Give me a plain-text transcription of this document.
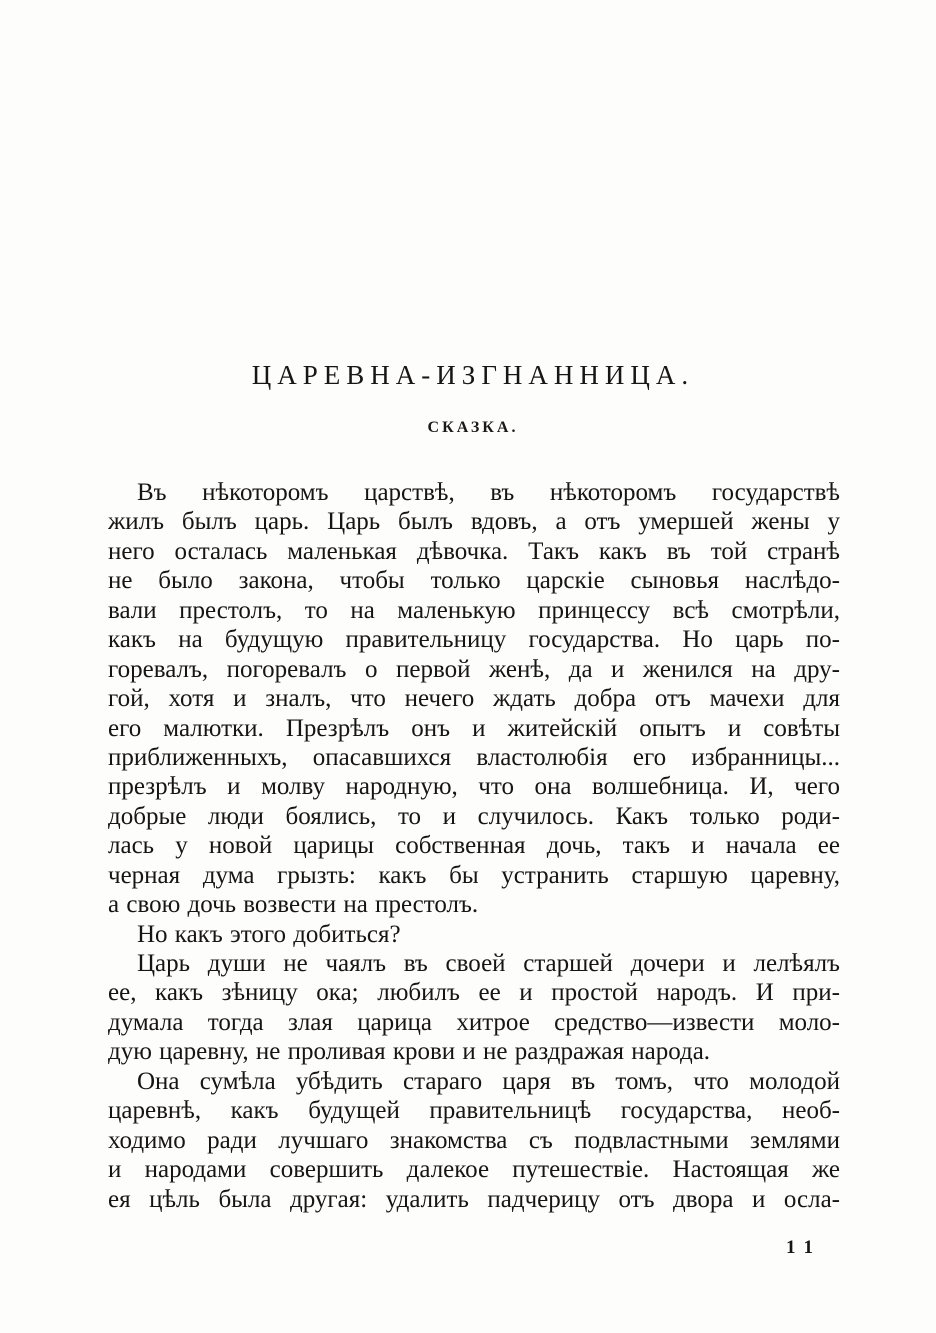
ЦАРЕВНА-ИЗГНАННИЦА.
СКАЗКА.
Въ нѣкоторомъ царствѣ, въ нѣкоторомъ государствѣ
жилъ былъ царь. Царь былъ вдовъ, а отъ умершей жены у
него осталась маленькая дѣвочка. Такъ какъ въ той странѣ
не было закона, чтобы только царскіе сыновья наслѣдо-
вали престолъ, то на маленькую принцессу всѣ смотрѣли,
какъ на будущую правительницу государства. Но царь по-
горевалъ, погоревалъ о первой женѣ, да и женился на дру-
гой, хотя и зналъ, что нечего ждать добра отъ мачехи для
его малютки. Презрѣлъ онъ и житейскій опытъ и совѣты
приближенныхъ, опасавшихся властолюбія его избранницы...
презрѣлъ и молву народную, что она волшебница. И, чего
добрые люди боялись, то и случилось. Какъ только роди-
лась у новой царицы собственная дочь, такъ и начала ее
черная дума грызть: какъ бы устранить старшую царевну,
а свою дочь возвести на престолъ.
Но какъ этого добиться?
Царь души не чаялъ въ своей старшей дочери и лелѣялъ
ее, какъ зѣницу ока; любилъ ее и простой народъ. И при-
думала тогда злая царица хитрое средство—извести моло-
дую царевну, не проливая крови и не раздражая народа.
Она сумѣла убѣдить стараго царя въ томъ, что молодой
царевнѣ, какъ будущей правительницѣ государства, необ-
ходимо ради лучшаго знакомства съ подвластными землями
и народами совершить далекое путешествіе. Настоящая же
ея цѣль была другая: удалить падчерицу отъ двора и осла-
11
